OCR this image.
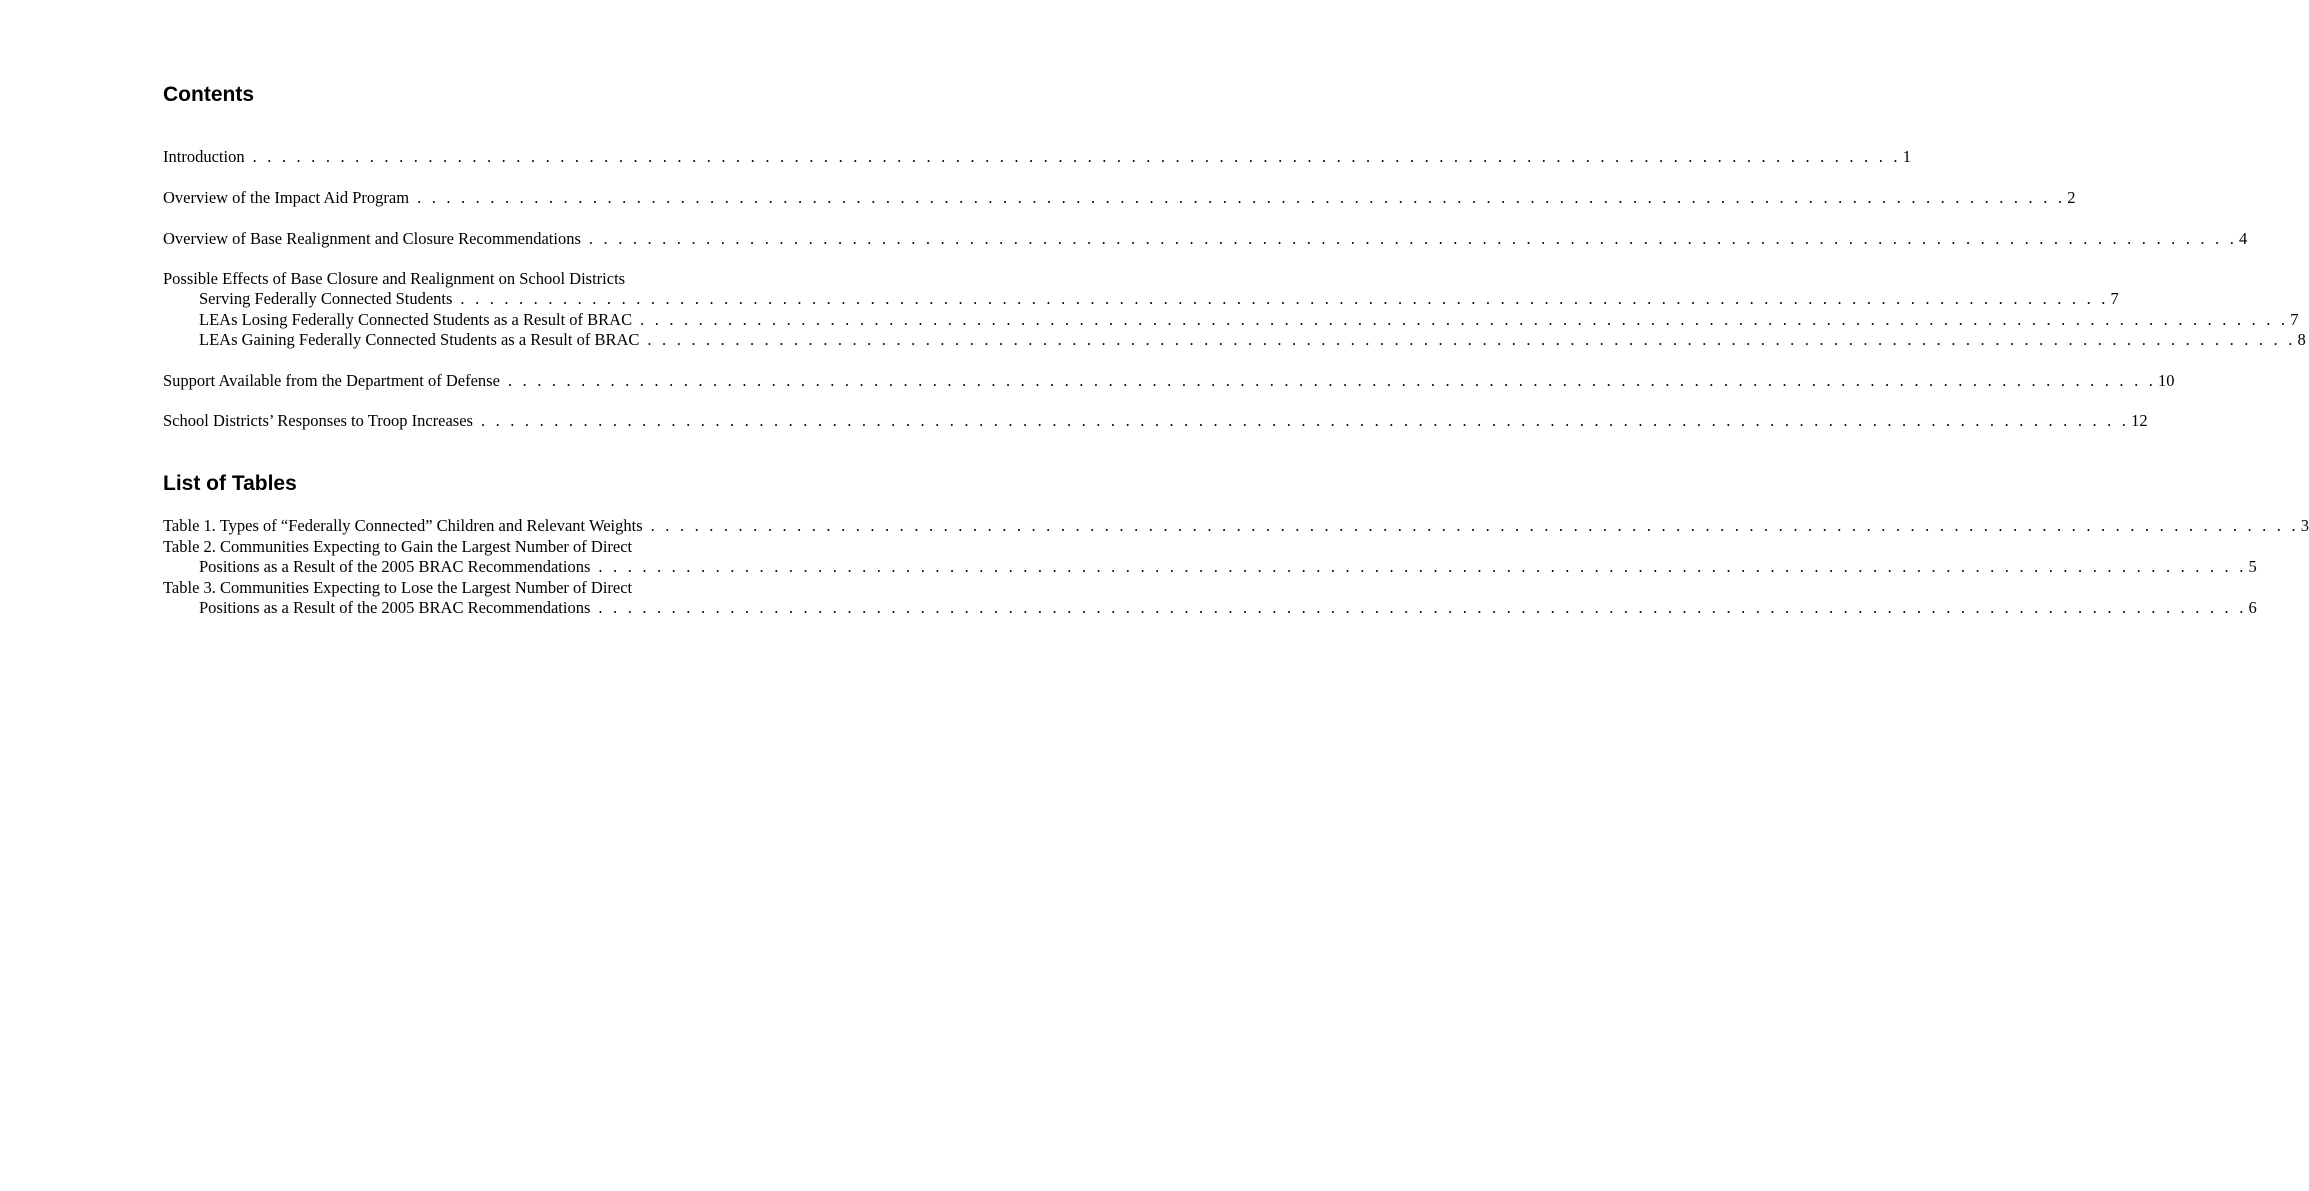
Contents
Introduction . . . . . . . . . . . . . . . . . . . . . . . . . . . . . . . . . . . . . . . . . . . . . . . . . . . . . . . . . . . . . . . . . . . . . . . . . . . . . . . . . . . . . . . . . . . . . . . . . . . . . . . . . . . . . . . . . 1
Overview of the Impact Aid Program . . . . . . . . . . . . . . . . . . . . . . . . . . . . . . . . . . . . . . . . . . . . . . . . . . . . . . . . . . . . . . . . . . . . . . . . . . . . . . . . . . . . . . . . . . . . . . . . . . . . . . . . . . . . . . . . . 2
Overview of Base Realignment and Closure Recommendations . . . . . . . . . . . . . . . . . . . . . . . . . . . . . . . . . . . . . . . . . . . . . . . . . . . . . . . . . . . . . . . . . . . . . . . . . . . . . . . . . . . . . . . . . . . . . . . . . . . . . . . . . . . . . . . . . 4
Possible Effects of Base Closure and Realignment on School Districts
Serving Federally Connected Students . . . . . . . . . . . . . . . . . . . . . . . . . . . . . . . . . . . . . . . . . . . . . . . . . . . . . . . . . . . . . . . . . . . . . . . . . . . . . . . . . . . . . . . . . . . . . . . . . . . . . . . . . . . . . . . . . 7
LEAs Losing Federally Connected Students as a Result of BRAC . . . . . . . . . . . . . . . . . . . . . . . . . . . . . . . . . . . . . . . . . . . . . . . . . . . . . . . . . . . . . . . . . . . . . . . . . . . . . . . . . . . . . . . . . . . . . . . . . . . . . . . . . . . . . . . . . 7
LEAs Gaining Federally Connected Students as a Result of BRAC . . . . . . . . . . . . . . . . . . . . . . . . . . . . . . . . . . . . . . . . . . . . . . . . . . . . . . . . . . . . . . . . . . . . . . . . . . . . . . . . . . . . . . . . . . . . . . . . . . . . . . . . . . . . . . . . . 8
Support Available from the Department of Defense . . . . . . . . . . . . . . . . . . . . . . . . . . . . . . . . . . . . . . . . . . . . . . . . . . . . . . . . . . . . . . . . . . . . . . . . . . . . . . . . . . . . . . . . . . . . . . . . . . . . . . . . . . . . . . . . . 10
School Districts’ Responses to Troop Increases . . . . . . . . . . . . . . . . . . . . . . . . . . . . . . . . . . . . . . . . . . . . . . . . . . . . . . . . . . . . . . . . . . . . . . . . . . . . . . . . . . . . . . . . . . . . . . . . . . . . . . . . . . . . . . . . . 12
List of Tables
Table 1. Types of “Federally Connected” Children and Relevant Weights . . . . . . . . . . . . . . . . . . . . . . . . . . . . . . . . . . . . . . . . . . . . . . . . . . . . . . . . . . . . . . . . . . . . . . . . . . . . . . . . . . . . . . . . . . . . . . . . . . . . . . . . . . . . . . . . . 3
Table 2. Communities Expecting to Gain the Largest Number of Direct
Positions as a Result of the 2005 BRAC Recommendations . . . . . . . . . . . . . . . . . . . . . . . . . . . . . . . . . . . . . . . . . . . . . . . . . . . . . . . . . . . . . . . . . . . . . . . . . . . . . . . . . . . . . . . . . . . . . . . . . . . . . . . . . . . . . . . . . 5
Table 3. Communities Expecting to Lose the Largest Number of Direct
Positions as a Result of the 2005 BRAC Recommendations . . . . . . . . . . . . . . . . . . . . . . . . . . . . . . . . . . . . . . . . . . . . . . . . . . . . . . . . . . . . . . . . . . . . . . . . . . . . . . . . . . . . . . . . . . . . . . . . . . . . . . . . . . . . . . . . . 6
